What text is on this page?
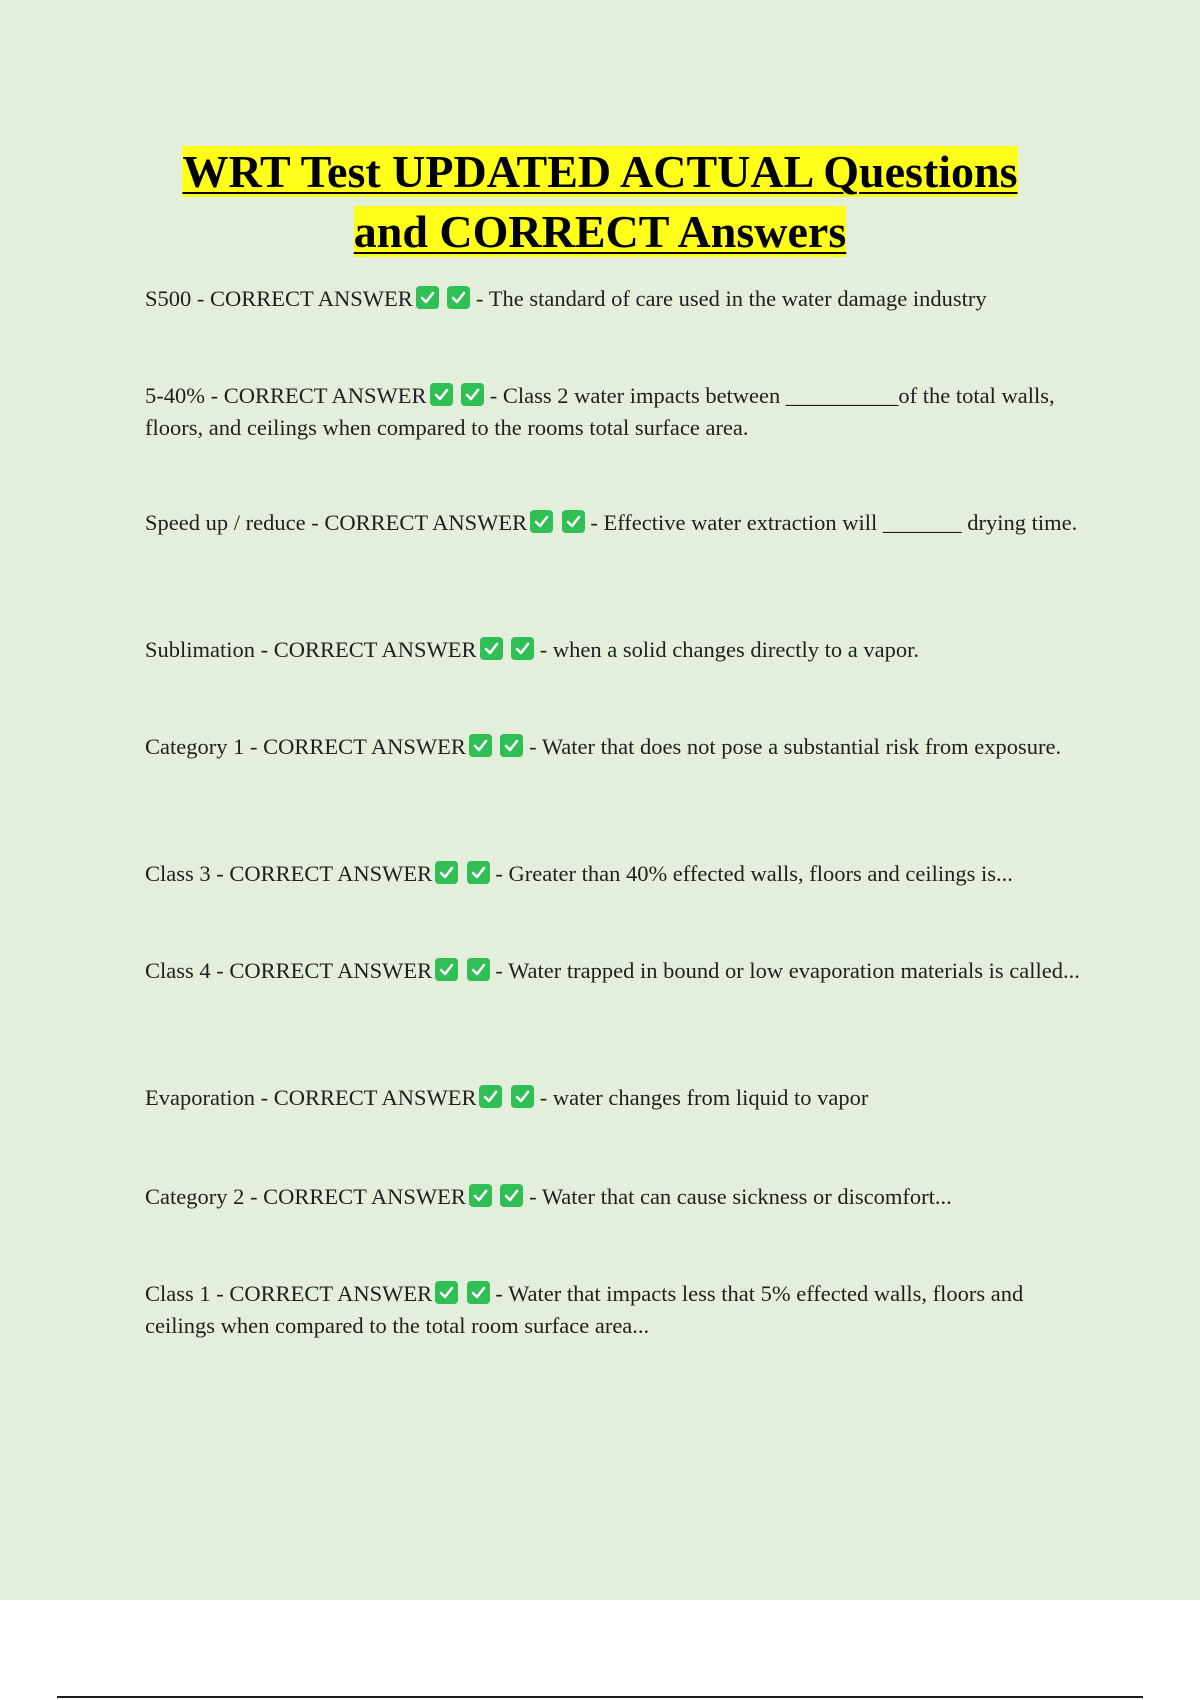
WRT Test UPDATED ACTUAL Questions
and CORRECT Answers
S500 - CORRECT ANSWER
	- The standard of care used in the water damage industry
5-40% - CORRECT ANSWER
	- Class 2 water impacts between __________of the total walls, floors, and ceilings when compared to the rooms total surface area.
Speed up / reduce - CORRECT ANSWER
	- Effective water extraction will _______ drying time.
Sublimation - CORRECT ANSWER
	- when a solid changes directly to a vapor.
Category 1 - CORRECT ANSWER
	- Water that does not pose a substantial risk from exposure.
Class 3 - CORRECT ANSWER
	- Greater than 40% effected walls, floors and ceilings is...
Class 4 - CORRECT ANSWER
	- Water trapped in bound or low evaporation materials is called...
Evaporation - CORRECT ANSWER
	- water changes from liquid to vapor
Category 2 - CORRECT ANSWER
	- Water that can cause sickness or discomfort...
Class 1 - CORRECT ANSWER
	- Water that impacts less that 5% effected walls, floors and ceilings when compared to the total room surface area...
